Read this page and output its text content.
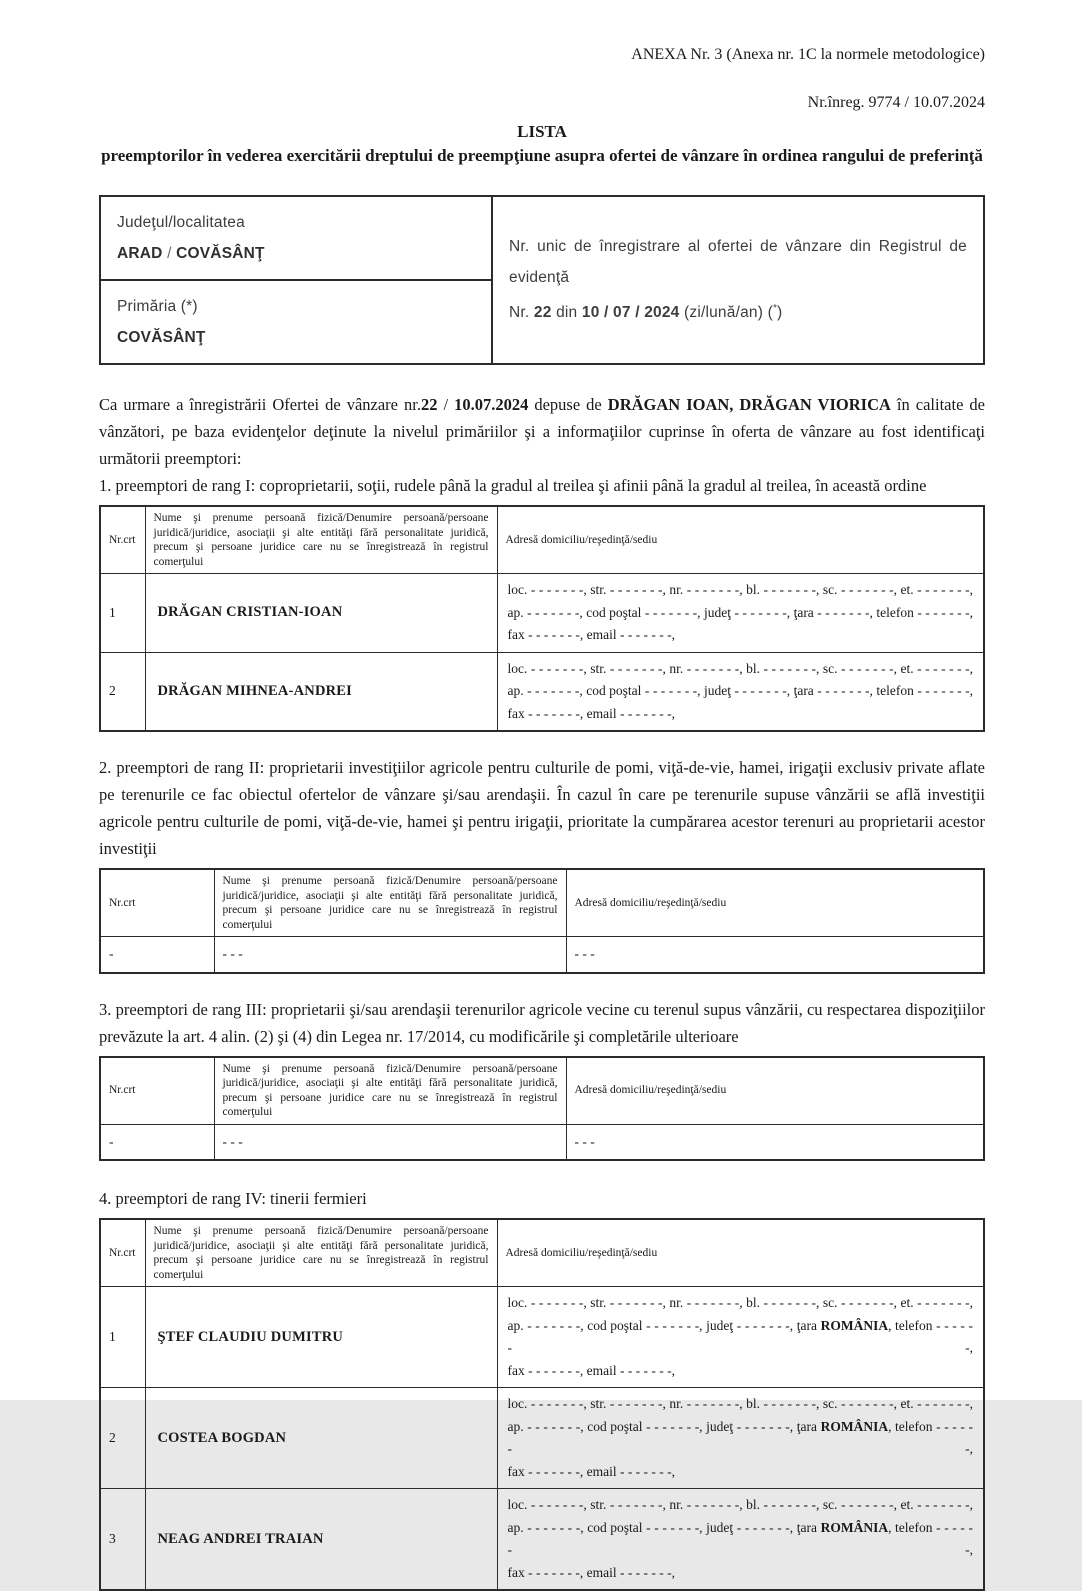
ANEXA Nr. 3 (Anexa nr. 1C la normele metodologice)
Nr.înreg. 9774 / 10.07.2024
LISTA
preemptorilor în vederea exercitării dreptului de preempţiune asupra ofertei de vânzare în ordinea rangului de preferinţă
Judeţul/localitatea
ARAD / COVĂSÂNŢ	Nr. unic de înregistrare al ofertei de vânzare din Registrul de evidenţă
Nr. 22 din 10 / 07 / 2024 (zi/lună/an) (*)

Primăria (*)
COVĂSÂNŢ
Ca urmare a înregistrării Ofertei de vânzare nr.22 / 10.07.2024 depuse de DRĂGAN IOAN, DRĂGAN VIORICA în calitate de vânzători, pe baza evidenţelor deţinute la nivelul primăriilor şi a informaţiilor cuprinse în oferta de vânzare au fost identificaţi următorii preemptori:
1. preemptori de rang I: coproprietarii, soţii, rudele până la gradul al treilea şi afinii până la gradul al treilea, în această ordine
Nr.crt	Nume şi prenume persoană fizică/Denumire persoană/persoane juridică/juridice, asociaţii şi alte entităţi fără personalitate juridică, precum şi persoane juridice care nu se înregistrează în registrul comerţului	Adresă domiciliu/reşedinţă/sediu
1	DRĂGAN CRISTIAN-IOAN	loc. - - - - - - -, str. - - - - - - -, nr. - - - - - - -, bl. - - - - - - -, sc. - - - - - - -, et. - - - - - - -,
ap. - - - - - - -, cod poştal - - - - - - -, judeţ - - - - - - -, ţara - - - - - - -, telefon - - - - - - -,
fax - - - - - - -, email - - - - - - -,

2	DRĂGAN MIHNEA-ANDREI	loc. - - - - - - -, str. - - - - - - -, nr. - - - - - - -, bl. - - - - - - -, sc. - - - - - - -, et. - - - - - - -,
ap. - - - - - - -, cod poştal - - - - - - -, judeţ - - - - - - -, ţara - - - - - - -, telefon - - - - - - -,
fax - - - - - - -, email - - - - - - -,
2. preemptori de rang II: proprietarii investiţiilor agricole pentru culturile de pomi, viţă-de-vie, hamei, irigaţii exclusiv private aflate pe terenurile ce fac obiectul ofertelor de vânzare şi/sau arendaşii. În cazul în care pe terenurile supuse vânzării se află investiţii agricole pentru culturile de pomi, viţă-de-vie, hamei şi pentru irigaţii, prioritate la cumpărarea acestor terenuri au proprietarii acestor investiţii
Nr.crt	Nume şi prenume persoană fizică/Denumire persoană/persoane juridică/juridice, asociaţii şi alte entităţi fără personalitate juridică, precum şi persoane juridice care nu se înregistrează în registrul comerţului	Adresă domiciliu/reşedinţă/sediu
-	- - -	- - -
3. preemptori de rang III: proprietarii şi/sau arendaşii terenurilor agricole vecine cu terenul supus vânzării, cu respectarea dispoziţiilor prevăzute la art. 4 alin. (2) şi (4) din Legea nr. 17/2014, cu modificările şi completările ulterioare
Nr.crt	Nume şi prenume persoană fizică/Denumire persoană/persoane juridică/juridice, asociaţii şi alte entităţi fără personalitate juridică, precum şi persoane juridice care nu se înregistrează în registrul comerţului	Adresă domiciliu/reşedinţă/sediu
-	- - -	- - -
4. preemptori de rang IV: tinerii fermieri
Nr.crt	Nume şi prenume persoană fizică/Denumire persoană/persoane juridică/juridice, asociaţii şi alte entităţi fără personalitate juridică, precum şi persoane juridice care nu se înregistrează în registrul comerţului	Adresă domiciliu/reşedinţă/sediu
1	ŞTEF CLAUDIU DUMITRU	loc. - - - - - - -, str. - - - - - - -, nr. - - - - - - -, bl. - - - - - - -, sc. - - - - - - -, et. - - - - - - -,
ap. - - - - - - -, cod poştal - - - - - - -, judeţ - - - - - - -, ţara ROMÂNIA, telefon - - - - - - -,
fax - - - - - - -, email - - - - - - -,

2	COSTEA BOGDAN	loc. - - - - - - -, str. - - - - - - -, nr. - - - - - - -, bl. - - - - - - -, sc. - - - - - - -, et. - - - - - - -,
ap. - - - - - - -, cod poştal - - - - - - -, judeţ - - - - - - -, ţara ROMÂNIA, telefon - - - - - - -,
fax - - - - - - -, email - - - - - - -,

3	NEAG ANDREI TRAIAN	loc. - - - - - - -, str. - - - - - - -, nr. - - - - - - -, bl. - - - - - - -, sc. - - - - - - -, et. - - - - - - -,
ap. - - - - - - -, cod poştal - - - - - - -, judeţ - - - - - - -, ţara ROMÂNIA, telefon - - - - - - -,
fax - - - - - - -, email - - - - - - -,
